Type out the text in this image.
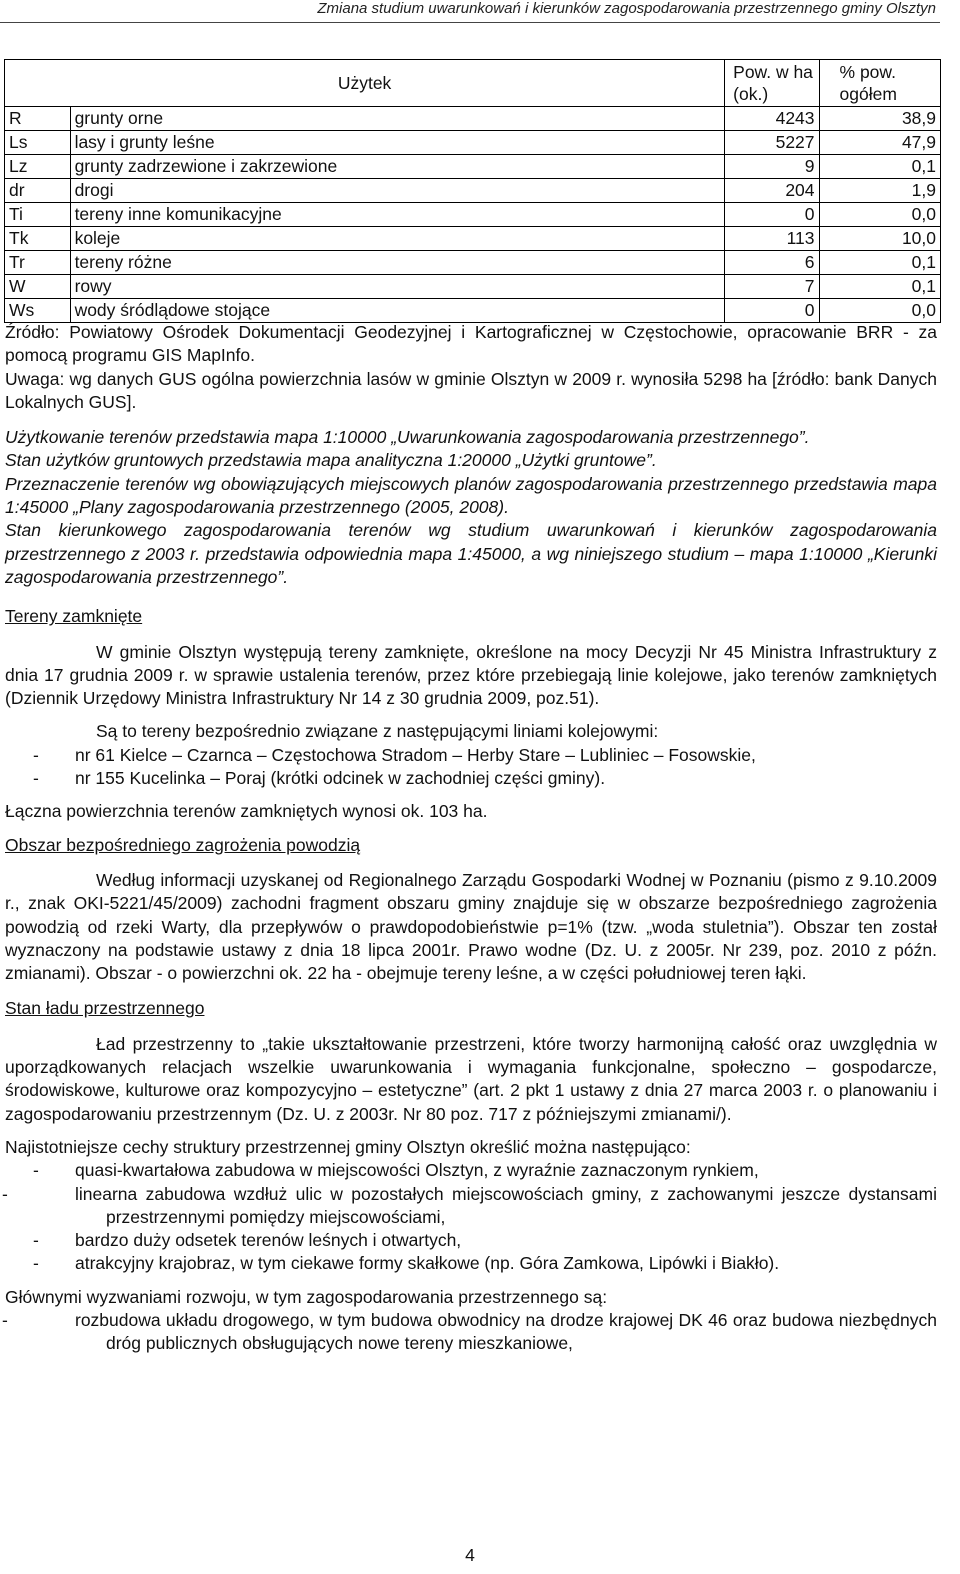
Zmiana studium uwarunkowań i kierunków zagospodarowania przestrzennego gminy Olsztyn
Użytek		Pow. w ha (ok.)	% pow. ogółem
R	grunty orne	4243	38,9
Ls	lasy i grunty leśne	5227	47,9
Lz	grunty zadrzewione i zakrzewione	9	0,1
dr	drogi	204	1,9
Ti	tereny inne komunikacyjne	0	0,0
Tk	koleje	113	10,0
Tr	tereny różne	6	0,1
W	rowy	7	0,1
Ws	wody śródlądowe stojące	0	0,0

Źródło: Powiatowy Ośrodek Dokumentacji Geodezyjnej i Kartograficznej w Częstochowie, opracowanie BRR - za pomocą programu GIS MapInfo.

Uwaga: wg danych GUS ogólna powierzchnia lasów w gminie Olsztyn w 2009 r. wynosiła 5298 ha [źródło: bank Danych Lokalnych GUS].

Użytkowanie terenów przedstawia mapa 1:10000 „Uwarunkowania zagospodarowania przestrzennego”.

Stan użytków gruntowych przedstawia mapa analityczna 1:20000 „Użytki gruntowe”.

Przeznaczenie terenów wg obowiązujących miejscowych planów zagospodarowania przestrzennego przedstawia mapa 1:45000 „Plany zagospodarowania przestrzennego (2005, 2008).

Stan kierunkowego zagospodarowania terenów wg studium uwarunkowań i kierunków zagospodarowania przestrzennego z 2003 r. przedstawia odpowiednia mapa 1:45000, a wg niniejszego studium – mapa 1:10000 „Kierunki zagospodarowania przestrzennego”.

Tereny zamknięte

W gminie Olsztyn występują tereny zamknięte, określone na mocy Decyzji Nr 45 Ministra Infrastruktury z dnia 17 grudnia 2009 r. w sprawie ustalenia terenów, przez które przebiegają linie kolejowe, jako terenów zamkniętych (Dziennik Urzędowy Ministra Infrastruktury Nr 14 z 30 grudnia 2009, poz.51).

Są to tereny bezpośrednio związane z następującymi liniami kolejowymi:

- nr 61 Kielce – Czarnca – Częstochowa Stradom – Herby Stare – Lubliniec – Fosowskie,
- nr 155 Kucelinka – Poraj (krótki odcinek w zachodniej części gminy).

Łączna powierzchnia terenów zamkniętych wynosi ok. 103 ha.

Obszar bezpośredniego zagrożenia powodzią

Według informacji uzyskanej od Regionalnego Zarządu Gospodarki Wodnej w Poznaniu (pismo z 9.10.2009 r., znak OKI-5221/45/2009) zachodni fragment obszaru gminy znajduje się w obszarze bezpośredniego zagrożenia powodzią od rzeki Warty, dla przepływów o prawdopodobieństwie p=1% (tzw. „woda stuletnia”). Obszar ten został wyznaczony na podstawie ustawy z dnia 18 lipca 2001r. Prawo wodne (Dz. U. z 2005r. Nr 239, poz. 2010 z późn. zmianami). Obszar - o powierzchni ok. 22 ha - obejmuje tereny leśne, a w części południowej teren łąki.

Stan ładu przestrzennego

Ład przestrzenny to „takie ukształtowanie przestrzeni, które tworzy harmonijną całość oraz uwzględnia w uporządkowanych relacjach wszelkie uwarunkowania i wymagania funkcjonalne, społeczno – gospodarcze, środowiskowe, kulturowe oraz kompozycyjno – estetyczne” (art. 2 pkt 1 ustawy z dnia 27 marca 2003 r. o planowaniu i zagospodarowaniu przestrzennym (Dz. U. z 2003r. Nr 80 poz. 717 z późniejszymi zmianami/).

Najistotniejsze cechy struktury przestrzennej gminy Olsztyn określić można następująco:

- quasi-kwartałowa zabudowa w miejscowości Olsztyn, z wyraźnie zaznaczonym rynkiem,
-	linearna zabudowa wzdłuż ulic w pozostałych miejscowościach gminy, z zachowanymi jeszcze dystansami przestrzennymi pomiędzy miejscowościami,
- bardzo duży odsetek terenów leśnych i otwartych,
- atrakcyjny krajobraz, w tym ciekawe formy skałkowe (np. Góra Zamkowa, Lipówki i Biakło).

Głównymi wyzwaniami rozwoju, w tym zagospodarowania przestrzennego są:

-	rozbudowa układu drogowego, w tym budowa obwodnicy na drodze krajowej DK 46 oraz budowa niezbędnych dróg publicznych obsługujących nowe tereny mieszkaniowe,
4
